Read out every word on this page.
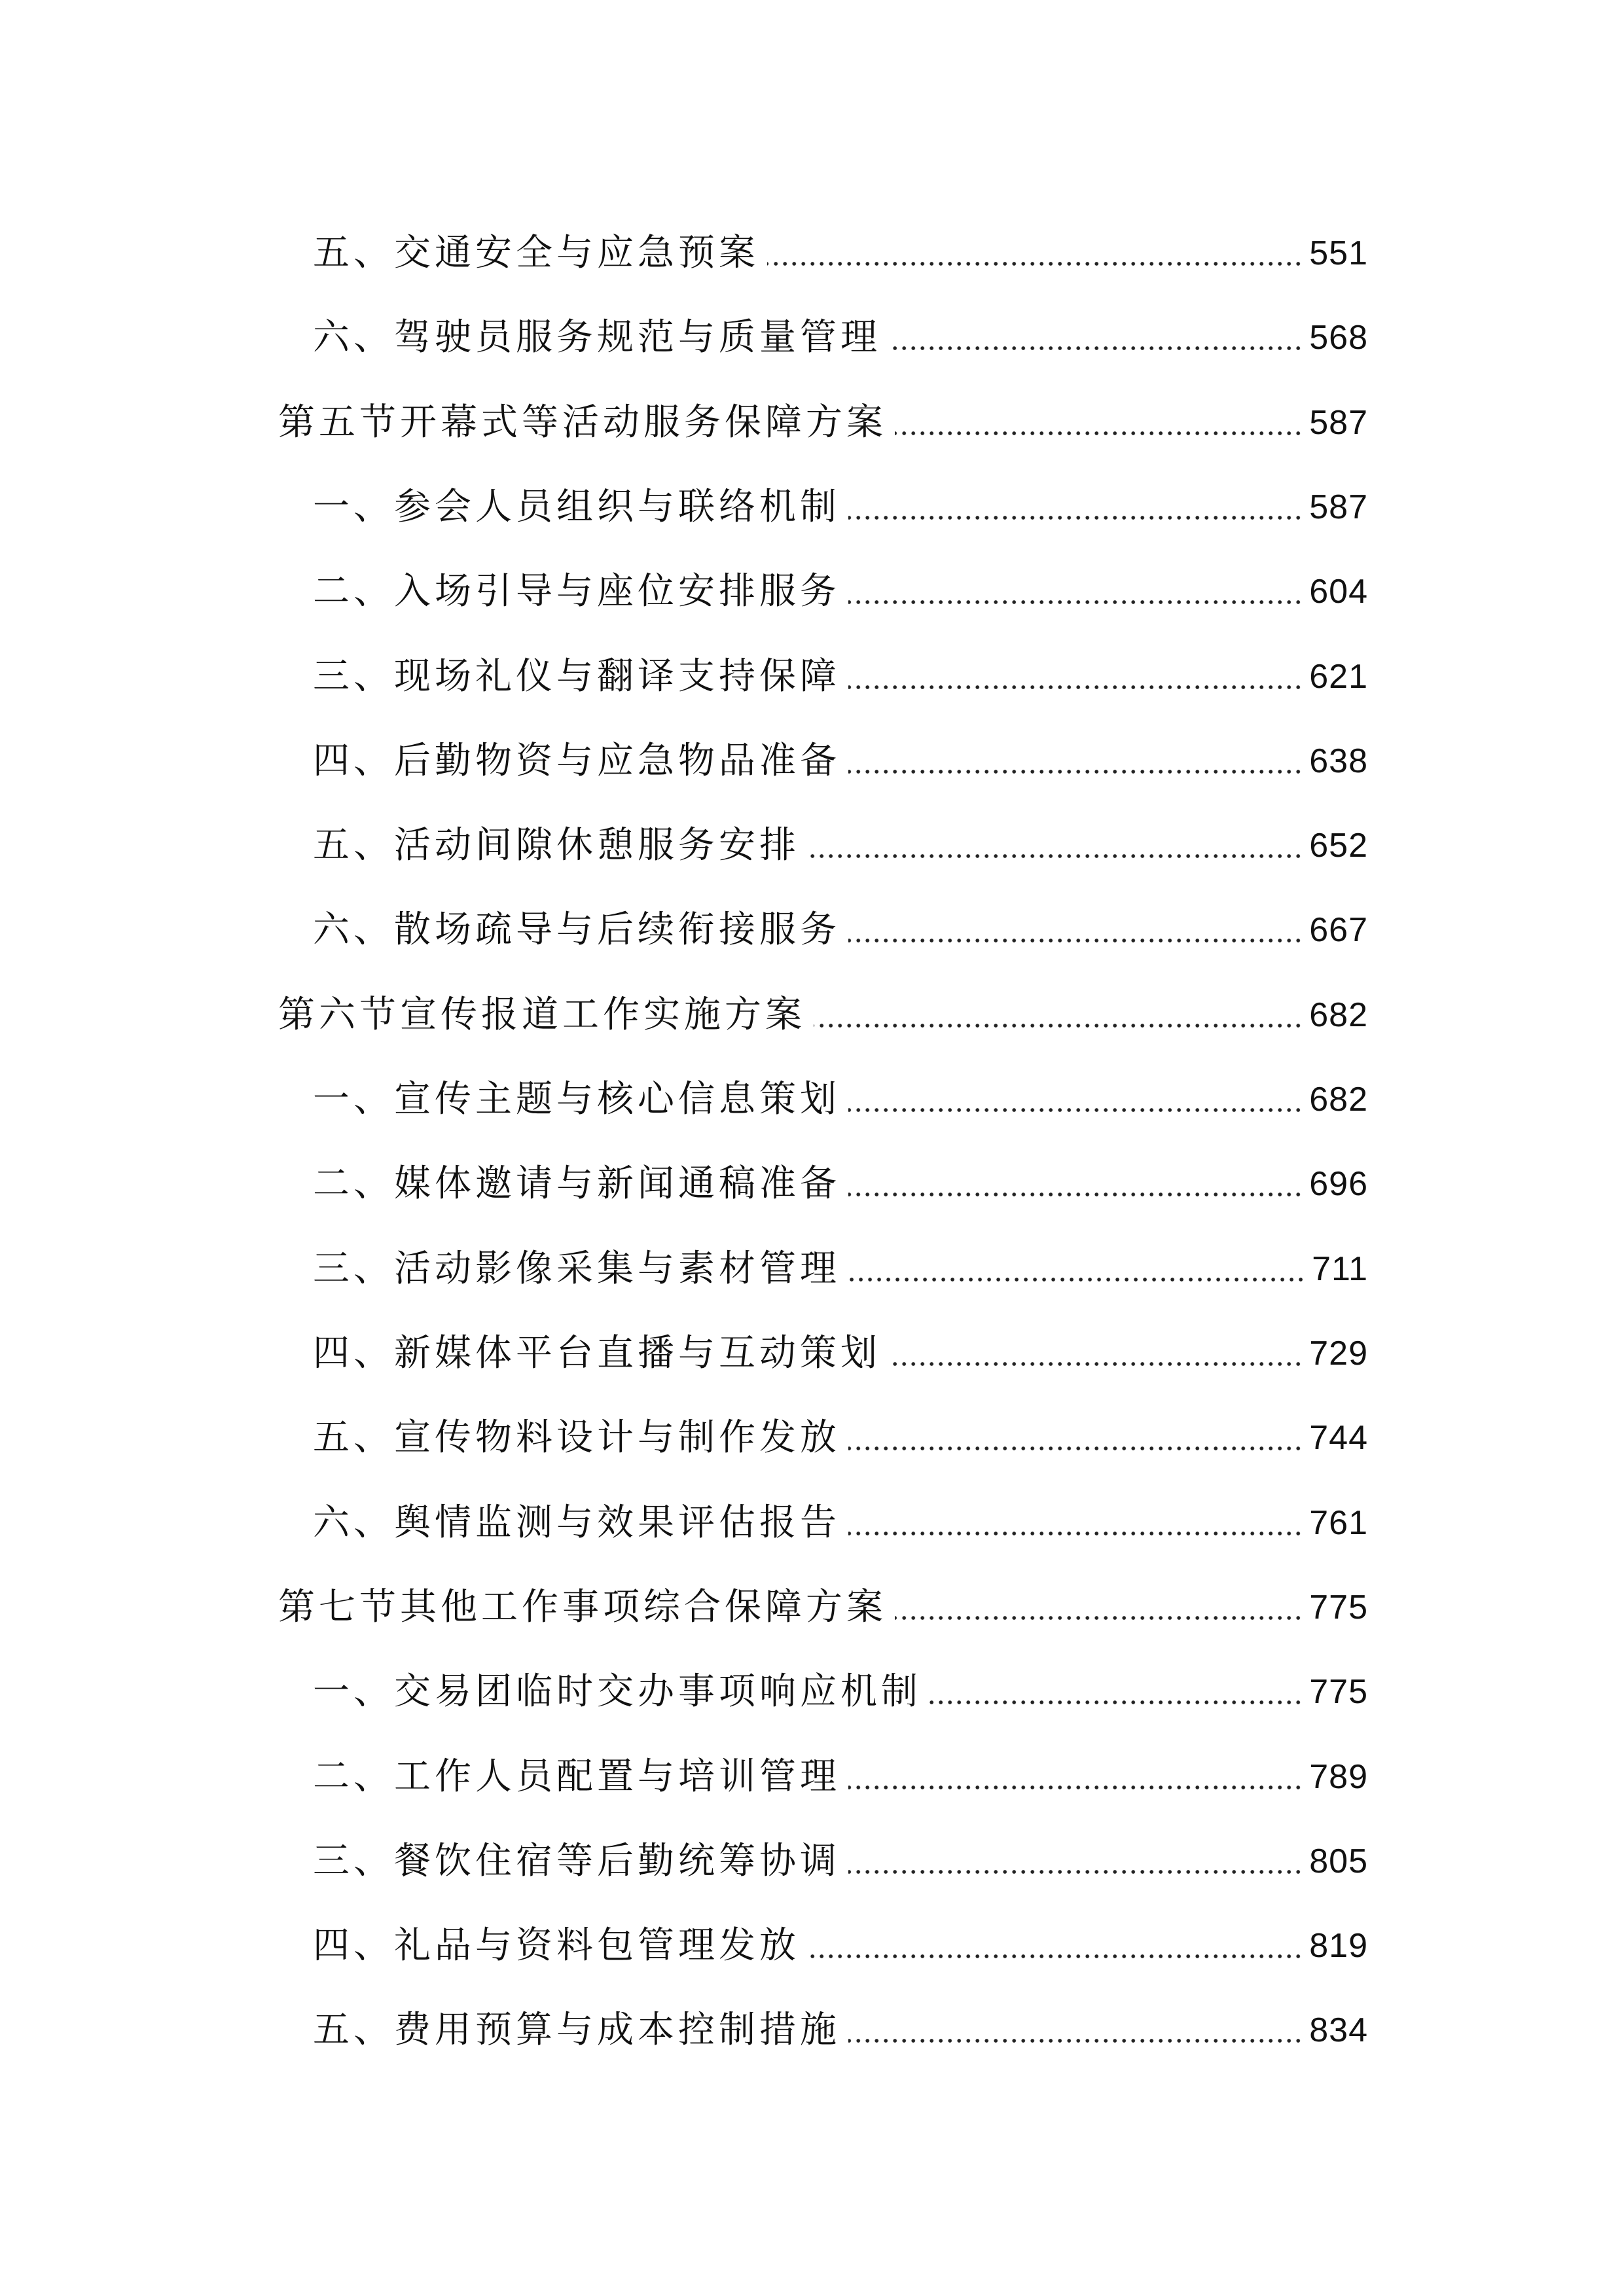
五、交通安全与应急预案	551
六、驾驶员服务规范与质量管理	568
第五节开幕式等活动服务保障方案	587
一、参会人员组织与联络机制	587
二、入场引导与座位安排服务	604
三、现场礼仪与翻译支持保障	621
四、后勤物资与应急物品准备	638
五、活动间隙休憩服务安排	652
六、散场疏导与后续衔接服务	667
第六节宣传报道工作实施方案	682
一、宣传主题与核心信息策划	682
二、媒体邀请与新闻通稿准备	696
三、活动影像采集与素材管理	711
四、新媒体平台直播与互动策划	729
五、宣传物料设计与制作发放	744
六、舆情监测与效果评估报告	761
第七节其他工作事项综合保障方案	775
一、交易团临时交办事项响应机制	775
二、工作人员配置与培训管理	789
三、餐饮住宿等后勤统筹协调	805
四、礼品与资料包管理发放	819
五、费用预算与成本控制措施	834
